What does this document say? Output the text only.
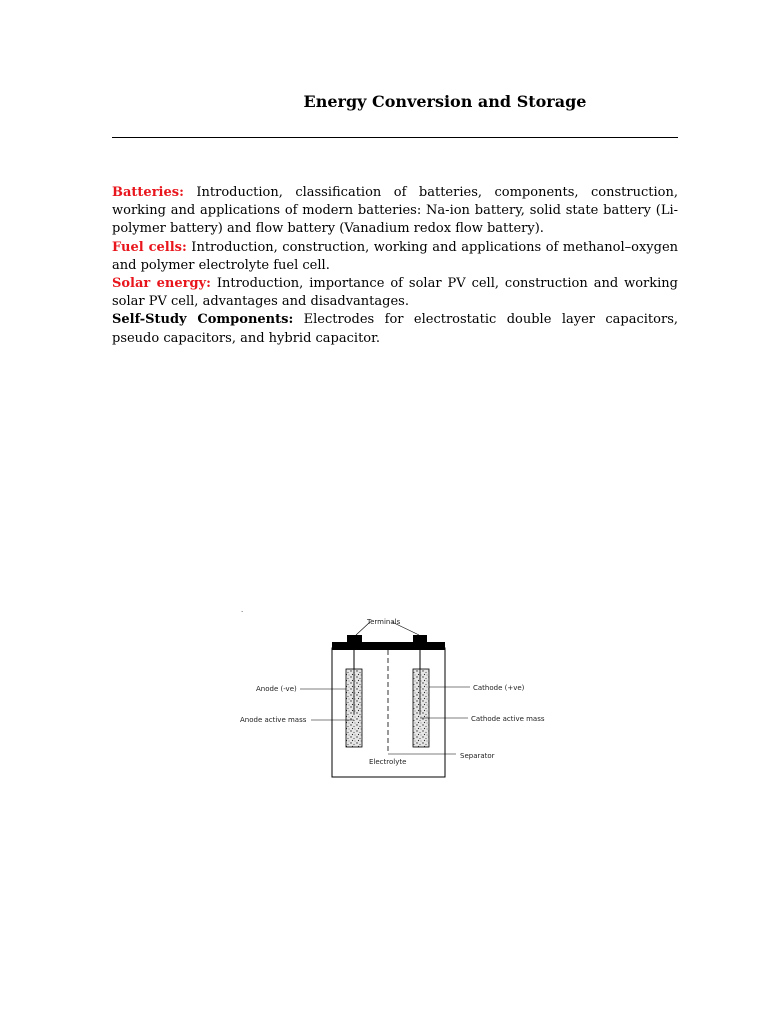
Energy Conversion and Storage

Batteries: Introduction, classification of batteries, components, construction, working and applications of modern batteries: Na-ion battery, solid state battery (Li-polymer battery) and flow battery (Vanadium redox flow battery).

Fuel cells: Introduction, construction, working and applications of methanol–oxygen and polymer electrolyte fuel cell.

Solar energy: Introduction, importance of solar PV cell, construction and working solar PV cell, advantages and disadvantages.

Self-Study Components: Electrodes for electrostatic double layer capacitors, pseudo capacitors, and hybrid capacitor.

.
Terminals
Anode (-ve)
Anode active mass
Cathode (+ve)
Cathode active mass
Separator
Electrolyte
